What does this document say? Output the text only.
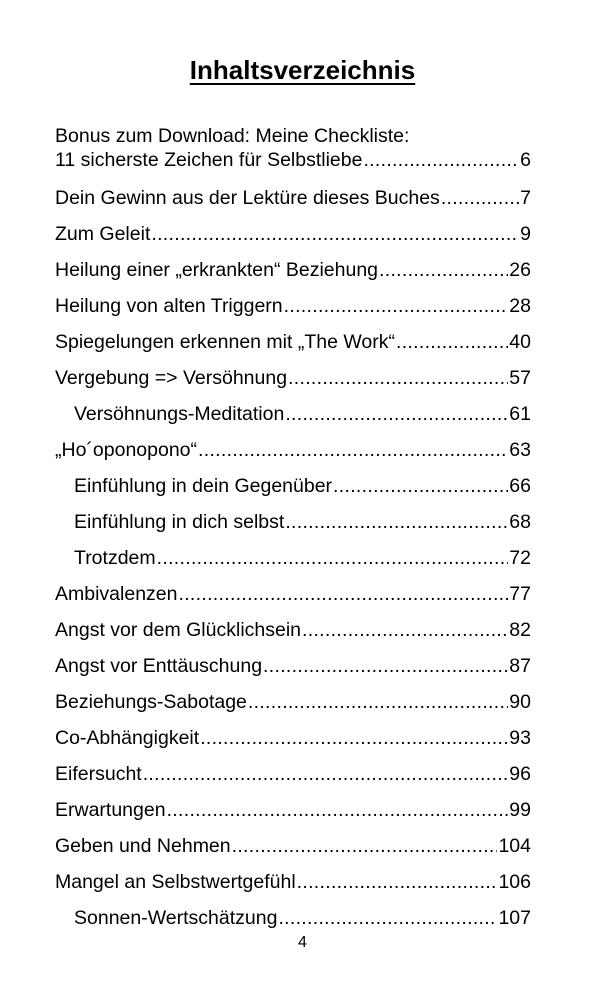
Inhaltsverzeichnis
Bonus zum Download: Meine Checkliste:
11 sicherste Zeichen für Selbstliebe .....	6
Dein Gewinn aus der Lektüre dieses Buches .....	7
Zum Geleit .....	9
Heilung einer „erkrankten“ Beziehung .....	26
Heilung von alten Triggern .....	28
Spiegelungen erkennen mit „The Work“ .....	40
Vergebung => Versöhnung .....	57
Versöhnungs-Meditation .....	61
„Ho´oponopono“ .....	63
Einfühlung in dein Gegenüber .....	66
Einfühlung in dich selbst .....	68
Trotzdem .....	72
Ambivalenzen .....	77
Angst vor dem Glücklichsein .....	82
Angst vor Enttäuschung .....	87
Beziehungs-Sabotage .....	90
Co-Abhängigkeit .....	93
Eifersucht .....	96
Erwartungen .....	99
Geben und Nehmen .....	104
Mangel an Selbstwertgefühl .....	106
Sonnen-Wertschätzung .....	107
4
